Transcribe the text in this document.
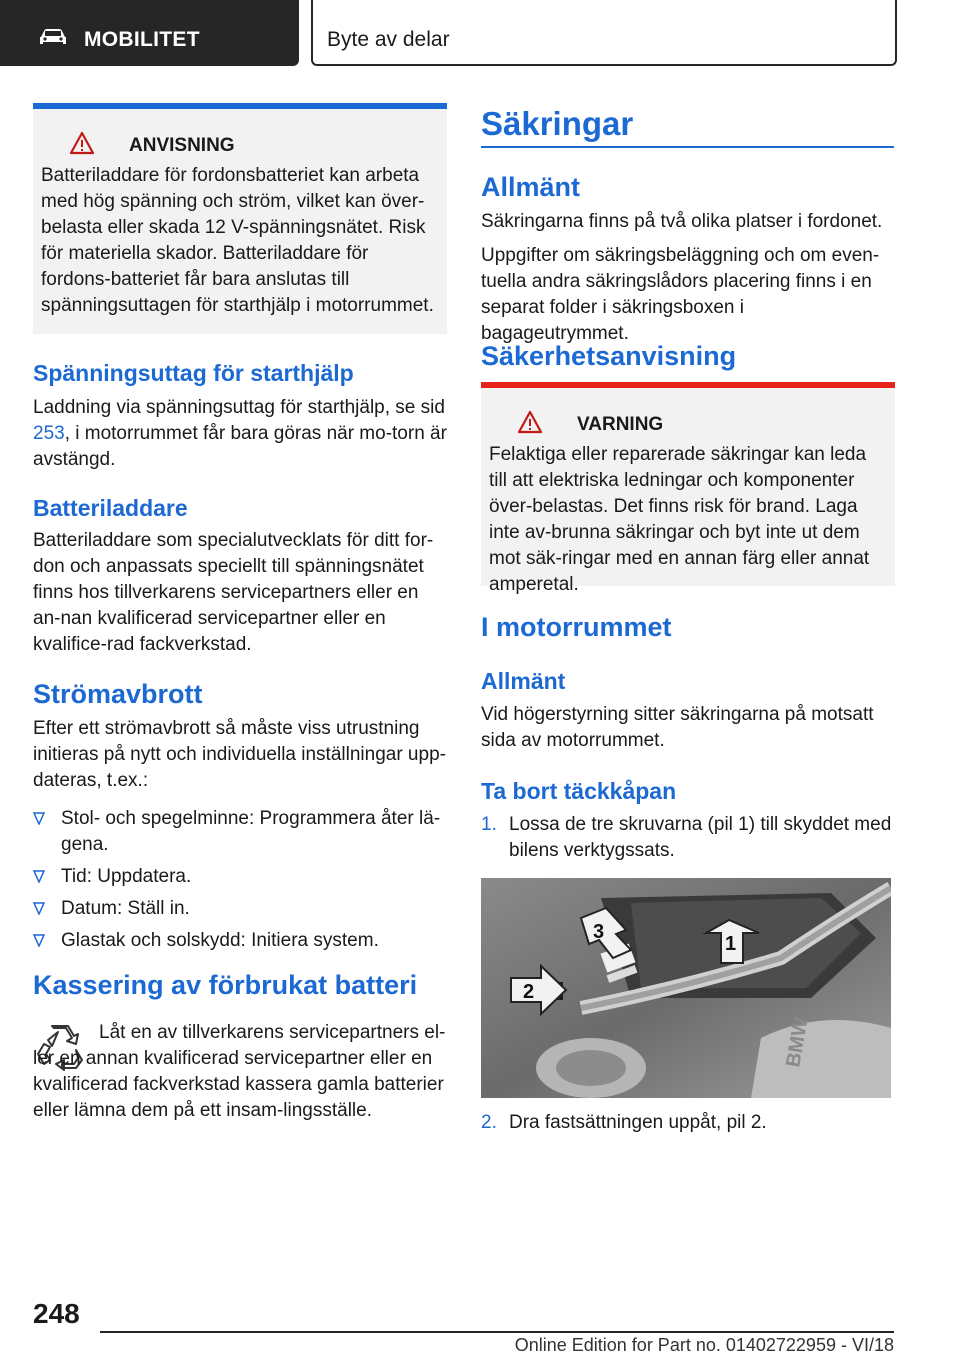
MOBILITET	Byte av delar
ANVISNING
Batteriladdare för fordonsbatteriet kan arbeta med hög spänning och ström, vilket kan över-belasta eller skada 12 V-spänningsnätet. Risk för materiella skador. Batteriladdare för fordons-batteriet får bara anslutas till spänningsuttagen för starthjälp i motorrummet.
Spänningsuttag för starthjälp

Laddning via spänningsuttag för starthjälp, se sid 253, i motorrummet får bara göras när mo-torn är avstängd.

Batteriladdare

Batteriladdare som specialutvecklats för ditt for-don och anpassats speciellt till spänningsnätet finns hos tillverkarens servicepartners eller en an-nan kvalificerad servicepartner eller en kvalifice-rad fackverkstad.

Strömavbrott

Efter ett strömavbrott så måste viss utrustning initieras på nytt och individuella inställningar upp-dateras, t.ex.:

Stol- och spegelminne: Programmera åter lä-gena.
Tid: Uppdatera.
Datum: Ställ in.
Glastak och solskydd: Initiera system.
Kassering av förbrukat batteri

Låt en av tillverkarens servicepartners el-ler en annan kvalificerad servicepartner eller en kvalificerad fackverkstad kassera gamla batterier eller lämna dem på ett insam-lingsställe.

Säkringar
Allmänt

Säkringarna finns på två olika platser i fordonet.

Uppgifter om säkringsbeläggning och om even-tuella andra säkringslådors placering finns i en separat folder i säkringsboxen i bagageutrymmet.

Säkerhetsanvisning
VARNING
Felaktiga eller reparerade säkringar kan leda till att elektriska ledningar och komponenter över-belastas. Det finns risk för brand. Laga inte av-brunna säkringar och byt inte ut dem mot säk-ringar med en annan färg eller annat amperetal.
I motorrummet
Allmänt

Vid högerstyrning sitter säkringarna på motsatt sida av motorrummet.

Ta bort täckkåpan
1. Lossa de tre skruvarna (pil 1) till skyddet med bilens verktygssats.
BMW
1
2
3
2. Dra fastsättningen uppåt, pil 2.
248
Online Edition for Part no. 01402722959 - VI/18
